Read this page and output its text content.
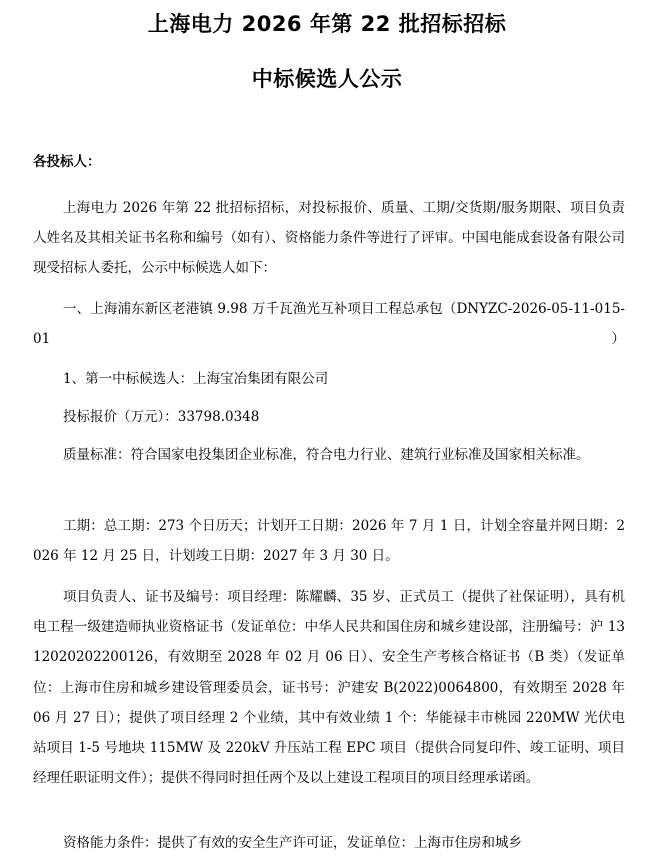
上海电力 2026 年第 22 批招标招标
中标候选人公示
各投标人：
上海电力 2026 年第 22 批招标招标，对投标报价、质量、工期/交货期/服务期限、项目负责人姓名及其相关证书名称和编号（如有）、资格能力条件等进行了评审。中国电能成套设备有限公司现受招标人委托，公示中标候选人如下：
一、上海浦东新区老港镇 9.98 万千瓦渔光互补项目工程总承包（DNYZC-2026-05-11-015-01）
1、第一中标候选人：上海宝冶集团有限公司
投标报价（万元）：33798.0348
质量标准：符合国家电投集团企业标准，符合电力行业、建筑行业标准及国家相关标准。
工期：总工期：273 个日历天；计划开工日期：2026 年 7 月 1 日，计划全容量并网日期：2026 年 12 月 25 日，计划竣工日期：2027 年 3 月 30 日。
项目负责人、证书及编号：项目经理：陈耀麟、35 岁、正式员工（提供了社保证明），具有机电工程一级建造师执业资格证书（发证单位：中华人民共和国住房和城乡建设部，注册编号：沪 1312020202200126，有效期至 2028 年 02 月 06 日）、安全生产考核合格证书（B 类）（发证单位：上海市住房和城乡建设管理委员会，证书号：沪建安 B(2022)0064800，有效期至 2028 年 06 月 27 日）；提供了项目经理 2 个业绩，其中有效业绩 1 个：华能禄丰市桃园 220MW 光伏电站项目 1-5 号地块 115MW 及 220kV 升压站工程 EPC 项目（提供合同复印件、竣工证明、项目经理任职证明文件）；提供不得同时担任两个及以上建设工程项目的项目经理承诺函。
资格能力条件：提供了有效的安全生产许可证，发证单位：上海市住房和城乡
